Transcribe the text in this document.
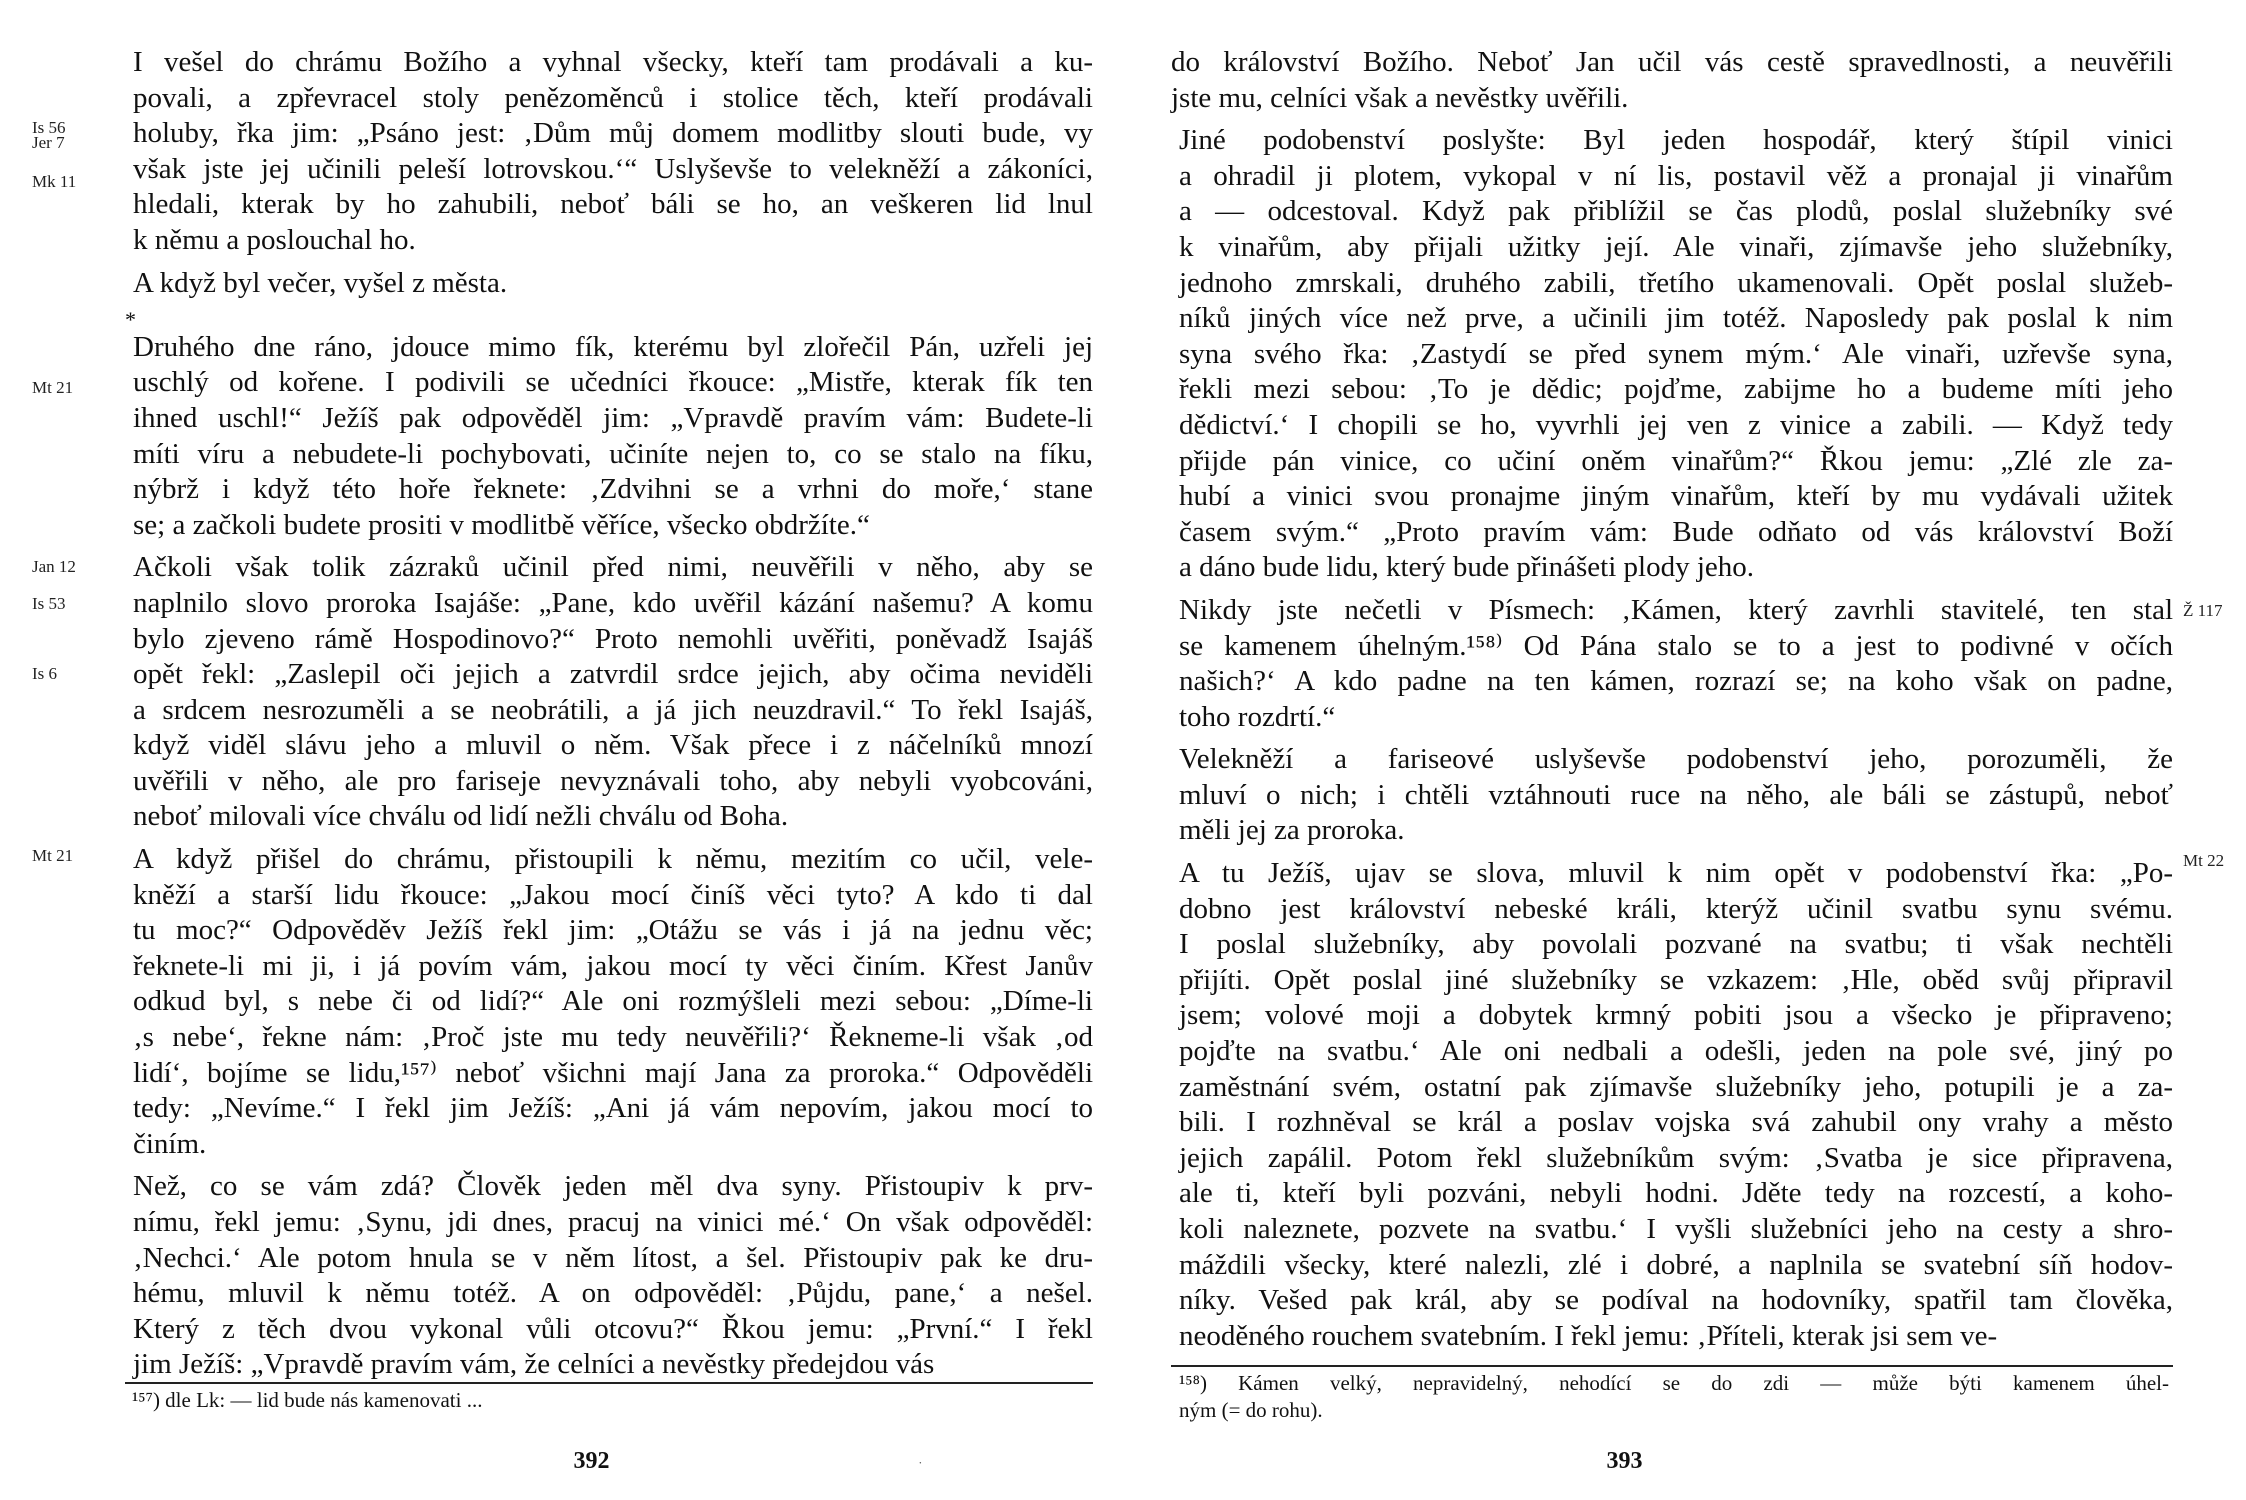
I vešel do chrámu Božího a vyhnal všecky, kteří tam prodávali a ku-
povali, a zpřevracel stoly penězoměnců i stolice těch, kteří prodávali
holuby, řka jim: „Psáno jest: ‚Dům můj domem modlitby slouti bude, vy
však jste jej učinili peleší lotrovskou.‘“ Uslyševše to velekněží a zákoníci,
hledali, kterak by ho zahubili, neboť báli se ho, an veškeren lid lnul
k němu a poslouchal ho.
A když byl večer, vyšel z města.
*
Druhého dne ráno, jdouce mimo fík, kterému byl zlořečil Pán, uzřeli jej
uschlý od kořene. I podivili se učedníci řkouce: „Mistře, kterak fík ten
ihned uschl!“ Ježíš pak odpověděl jim: „Vpravdě pravím vám: Budete-li
míti víru a nebudete-li pochybovati, učiníte nejen to, co se stalo na fíku,
nýbrž i když této hoře řeknete: ‚Zdvihni se a vrhni do moře,‘ stane
se; a začkoli budete prositi v modlitbě věříce, všecko obdržíte.“
Ačkoli však tolik zázraků učinil před nimi, neuvěřili v něho, aby se
naplnilo slovo proroka Isajáše: „Pane, kdo uvěřil kázání našemu? A komu
bylo zjeveno rámě Hospodinovo?“ Proto nemohli uvěřiti, poněvadž Isajáš
opět řekl: „Zaslepil oči jejich a zatvrdil srdce jejich, aby očima neviděli
a srdcem nesrozuměli a se neobrátili, a já jich neuzdravil.“ To řekl Isajáš,
když viděl slávu jeho a mluvil o něm. Však přece i z náčelníků mnozí
uvěřili v něho, ale pro fariseje nevyznávali toho, aby nebyli vyobcováni,
neboť milovali více chválu od lidí nežli chválu od Boha.
A když přišel do chrámu, přistoupili k němu, mezitím co učil, vele-
kněží a starší lidu řkouce: „Jakou mocí činíš věci tyto? A kdo ti dal
tu moc?“ Odpověděv Ježíš řekl jim: „Otážu se vás i já na jednu věc;
řeknete-li mi ji, i já povím vám, jakou mocí ty věci činím. Křest Janův
odkud byl, s nebe či od lidí?“ Ale oni rozmýšleli mezi sebou: „Díme-li
‚s nebe‘, řekne nám: ‚Proč jste mu tedy neuvěřili?‘ Řekneme-li však ‚od
lidí‘, bojíme se lidu,¹⁵⁷⁾ neboť všichni mají Jana za proroka.“ Odpověděli
tedy: „Nevíme.“ I řekl jim Ježíš: „Ani já vám nepovím, jakou mocí to
činím.
Než, co se vám zdá? Člověk jeden měl dva syny. Přistoupiv k prv-
nímu, řekl jemu: ‚Synu, jdi dnes, pracuj na vinici mé.‘ On však odpověděl:
‚Nechci.‘ Ale potom hnula se v něm lítost, a šel. Přistoupiv pak ke dru-
hému, mluvil k němu totéž. A on odpověděl: ‚Půjdu, pane,‘ a nešel.
Který z těch dvou vykonal vůli otcovu?“ Řkou jemu: „První.“ I řekl
jim Ježíš: „Vpravdě pravím vám, že celníci a nevěstky předejdou vás
Is 56
Jer 7
Mk 11
Mt 21
Jan 12
Is 53
Is 6
Mt 21
¹⁵⁷) dle Lk: — lid bude nás kamenovati ...
392	˙
do království Božího. Neboť Jan učil vás cestě spravedlnosti, a neuvěřili
jste mu, celníci však a nevěstky uvěřili.
Jiné podobenství poslyšte: Byl jeden hospodář, který štípil vinici
a ohradil ji plotem, vykopal v ní lis, postavil věž a pronajal ji vinařům
a — odcestoval. Když pak přiblížil se čas plodů, poslal služebníky své
k vinařům, aby přijali užitky její. Ale vinaři, zjímavše jeho služebníky,
jednoho zmrskali, druhého zabili, třetího ukamenovali. Opět poslal služeb-
níků jiných více než prve, a učinili jim totéž. Naposledy pak poslal k nim
syna svého řka: ‚Zastydí se před synem mým.‘ Ale vinaři, uzřevše syna,
řekli mezi sebou: ‚To je dědic; pojďme, zabijme ho a budeme míti jeho
dědictví.‘ I chopili se ho, vyvrhli jej ven z vinice a zabili. — Když tedy
přijde pán vinice, co učiní oněm vinařům?“ Řkou jemu: „Zlé zle za-
hubí a vinici svou pronajme jiným vinařům, kteří by mu vydávali užitek
časem svým.“ „Proto pravím vám: Bude odňato od vás království Boží
a dáno bude lidu, který bude přinášeti plody jeho.
Nikdy jste nečetli v Písmech: ‚Kámen, který zavrhli stavitelé, ten stal
se kamenem úhelným.¹⁵⁸⁾ Od Pána stalo se to a jest to podivné v očích
našich?‘ A kdo padne na ten kámen, rozrazí se; na koho však on padne,
toho rozdrtí.“
Velekněží a fariseové uslyševše podobenství jeho, porozuměli, že
mluví o nich; i chtěli vztáhnouti ruce na něho, ale báli se zástupů, neboť
měli jej za proroka.
A tu Ježíš, ujav se slova, mluvil k nim opět v podobenství řka: „Po-
dobno jest království nebeské králi, kterýž učinil svatbu synu svému.
I poslal služebníky, aby povolali pozvané na svatbu; ti však nechtěli
přijíti. Opět poslal jiné služebníky se vzkazem: ‚Hle, oběd svůj připravil
jsem; volové moji a dobytek krmný pobiti jsou a všecko je připraveno;
pojďte na svatbu.‘ Ale oni nedbali a odešli, jeden na pole své, jiný po
zaměstnání svém, ostatní pak zjímavše služebníky jeho, potupili je a za-
bili. I rozhněval se král a poslav vojska svá zahubil ony vrahy a město
jejich zapálil. Potom řekl služebníkům svým: ‚Svatba je sice připravena,
ale ti, kteří byli pozváni, nebyli hodni. Jděte tedy na rozcestí, a koho-
koli naleznete, pozvete na svatbu.‘ I vyšli služebníci jeho na cesty a shro-
máždili všecky, které nalezli, zlé i dobré, a naplnila se svatební síň hodov-
níky. Vešed pak král, aby se podíval na hodovníky, spatřil tam člověka,
neoděného rouchem svatebním. I řekl jemu: ‚Příteli, kterak jsi sem ve-
Ž 117
Mt 22
¹⁵⁸) Kámen velký, nepravidelný, nehodící se do zdi — může býti kamenem úhel-
ným (= do rohu).
393
